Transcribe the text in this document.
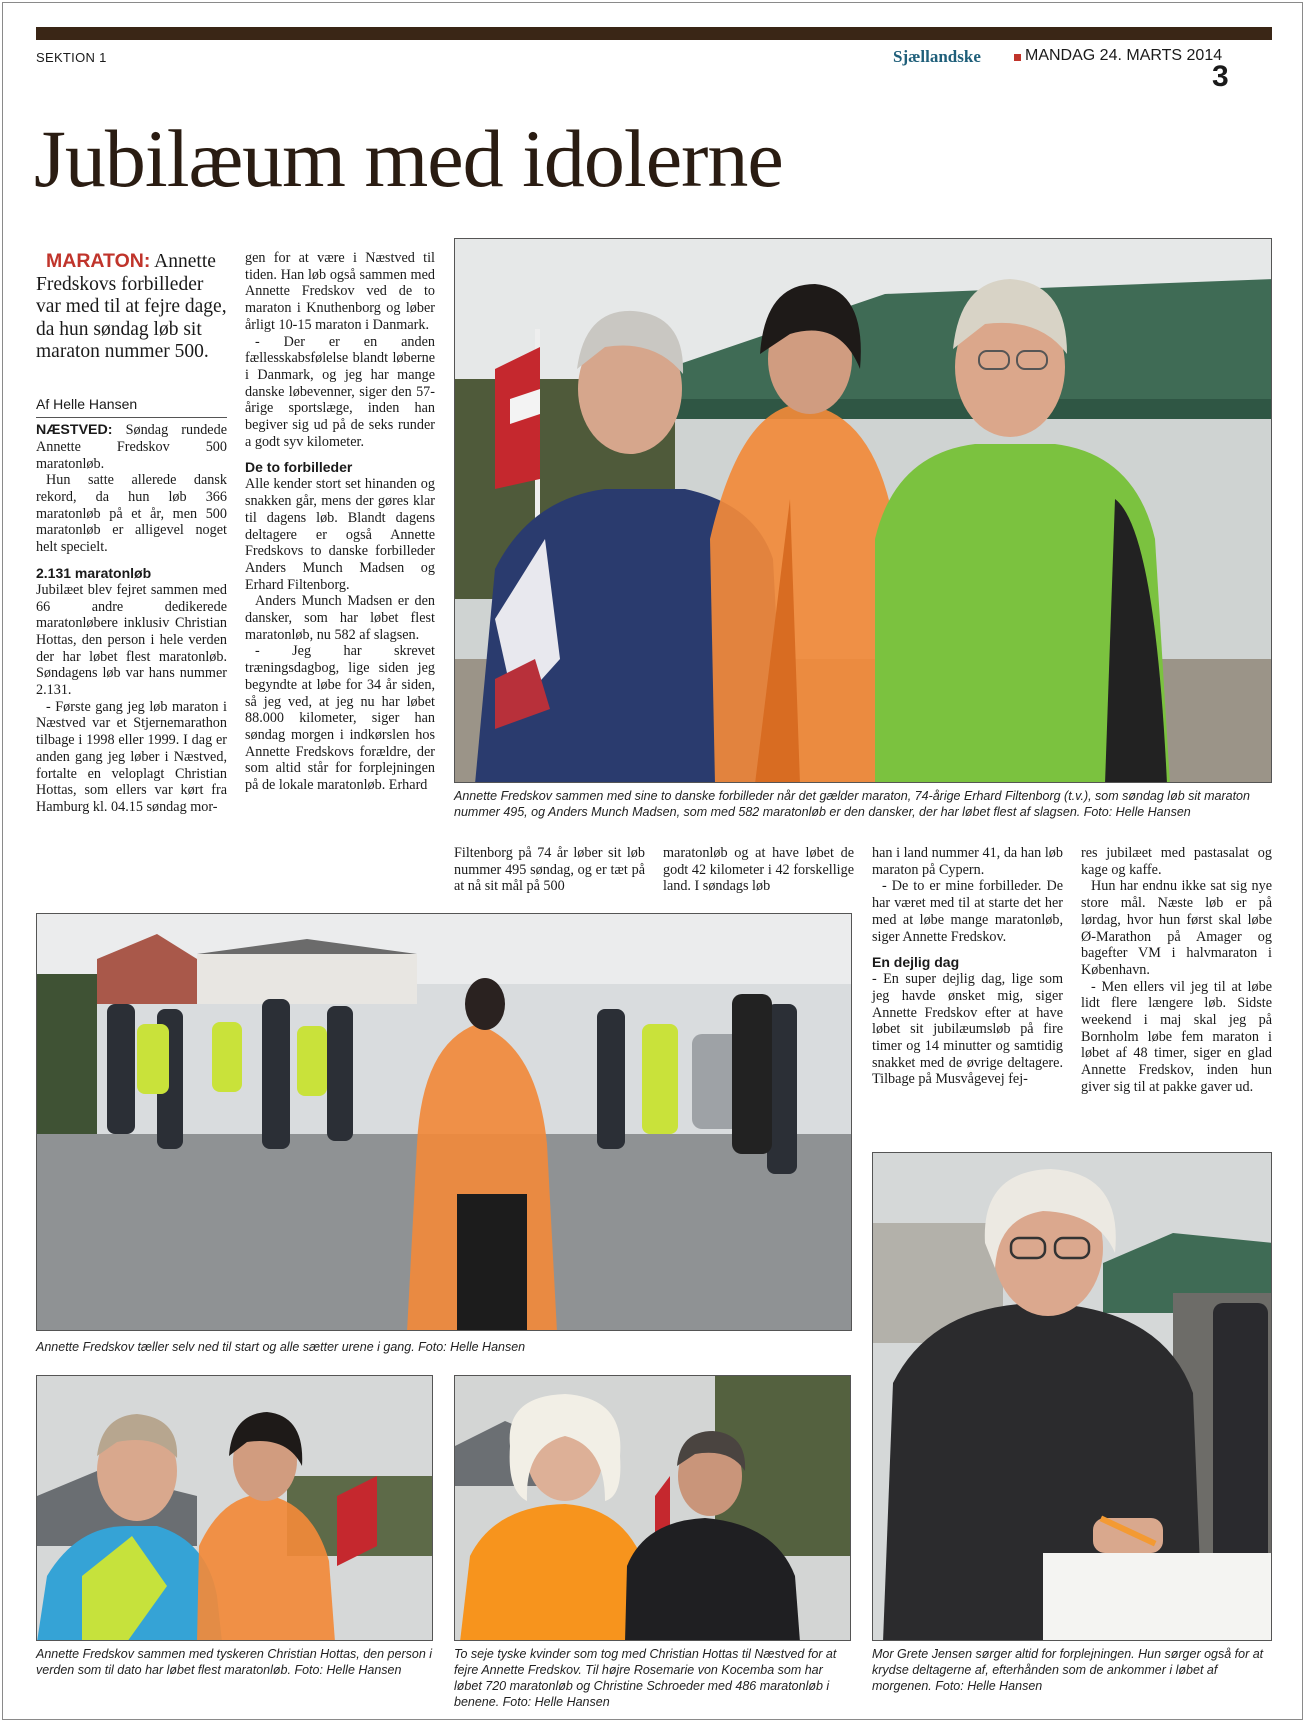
SEKTION 1	Sjællandske	MANDAG 24. MARTS 2014
3
Jubilæum med idolerne

MARATON: Annette Fredskovs forbilleder var med til at fejre dage, da hun søndag løb sit maraton nummer 500.

Af Helle Hansen

NÆSTVED: Søndag rundede Annette Fredskov 500 maratonløb.

Hun satte allerede dansk rekord, da hun løb 366 maratonløb på et år, men 500 maratonløb er alligevel noget helt specielt.

2.131 maratonløb

Jubilæet blev fejret sammen med 66 andre dedikerede maratonløbere inklusiv Christian Hottas, den person i hele verden der har løbet flest maratonløb. Søndagens løb var hans nummer 2.131.

- Første gang jeg løb maraton i Næstved var et Stjernemarathon tilbage i 1998 eller 1999. I dag er anden gang jeg løber i Næstved, fortalte en veloplagt Christian Hottas, som ellers var kørt fra Hamburg kl. 04.15 søndag mor-

gen for at være i Næstved til tiden. Han løb også sammen med Annette Fredskov ved de to maraton i Knuthenborg og løber årligt 10-15 maraton i Danmark.

- Der er en anden fællesskabsfølelse blandt løberne i Danmark, og jeg har mange danske løbevenner, siger den 57-årige sportslæge, inden han begiver sig ud på de seks runder a godt syv kilometer.

De to forbilleder

Alle kender stort set hinanden og snakken går, mens der gøres klar til dagens løb. Blandt dagens deltagere er også Annette Fredskovs to danske forbilleder Anders Munch Madsen og Erhard Filtenborg.

Anders Munch Madsen er den dansker, som har løbet flest maratonløb, nu 582 af slagsen.

- Jeg har skrevet træningsdagbog, lige siden jeg begyndte at løbe for 34 år siden, så jeg ved, at jeg nu har løbet 88.000 kilometer, siger han søndag morgen i indkørslen hos Annette Fredskovs forældre, der som altid står for forplejningen på de lokale maratonløb. Erhard

Annette Fredskov sammen med sine to danske forbilleder når det gælder maraton, 74-årige Erhard Filtenborg (t.v.), som søndag løb sit maraton nummer 495, og Anders Munch Madsen, som med 582 maratonløb er den dansker, der har løbet flest af slagsen. Foto: Helle Hansen

Filtenborg på 74 år løber sit løb nummer 495 søndag, og er tæt på at nå sit mål på 500

maratonløb og at have løbet de godt 42 kilometer i 42 forskellige land. I søndags løb

han i land nummer 41, da han løb maraton på Cypern.

- De to er mine forbilleder. De har været med til at starte det her med at løbe mange maratonløb, siger Annette Fredskov.

En dejlig dag

- En super dejlig dag, lige som jeg havde ønsket mig, siger Annette Fredskov efter at have løbet sit jubilæumsløb på fire timer og 14 minutter og samtidig snakket med de øvrige deltagere. Tilbage på Musvågevej fej-

res jubilæet med pastasalat og kage og kaffe.

Hun har endnu ikke sat sig nye store mål. Næste løb er på lørdag, hvor hun først skal løbe Ø-Marathon på Amager og bagefter VM i halvmaraton i København.

- Men ellers vil jeg til at løbe lidt flere længere løb. Sidste weekend i maj skal jeg på Bornholm løbe fem maraton i løbet af 48 timer, siger en glad Annette Fredskov, inden hun giver sig til at pakke gaver ud.

Annette Fredskov tæller selv ned til start og alle sætter urene i gang. Foto: Helle Hansen
Annette Fredskov sammen med tyskeren Christian Hottas, den person i verden som til dato har løbet flest maratonløb. Foto: Helle Hansen
To seje tyske kvinder som tog med Christian Hottas til Næstved for at fejre Annette Fredskov. Til højre Rosemarie von Kocemba som har løbet 720 maratonløb og Christine Schroeder med 486 maratonløb i benene. Foto: Helle Hansen
Mor Grete Jensen sørger altid for forplejningen. Hun sørger også for at krydse deltagerne af, efterhånden som de ankommer i løbet af morgenen. Foto: Helle Hansen
